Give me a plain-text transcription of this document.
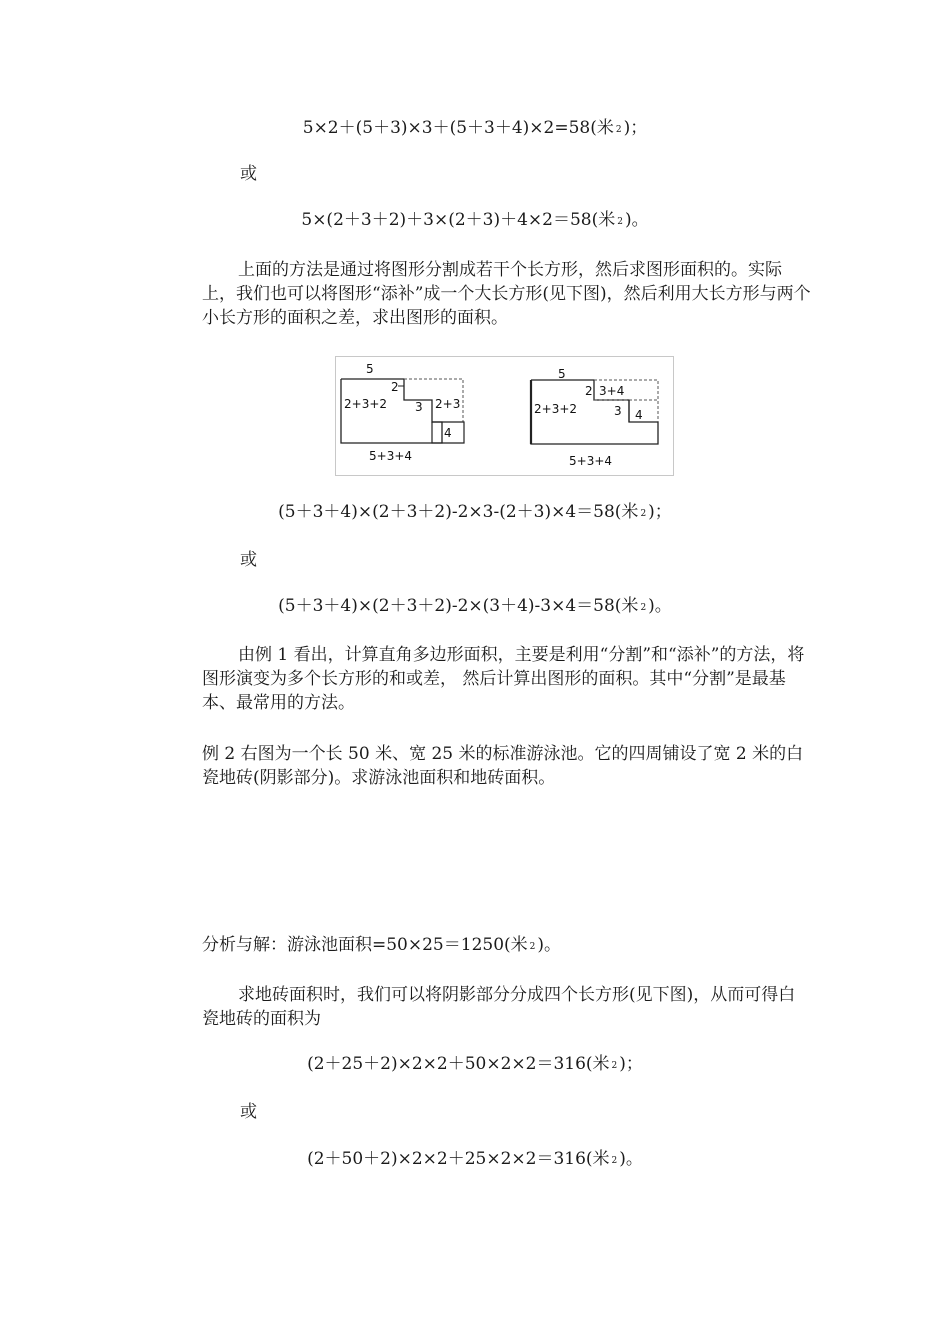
5×2＋(5＋3)×3＋(5＋3＋4)×2=58(米 2 )；
或
5×(2＋3＋2)＋3×(2＋3)＋4×2＝58(米 2 )。
上面的方法是通过将图形分割成若干个长方形，然后求图形面积的。实际上，我们也可以将图形“添补”成一个大长方形(见下图)，然后利用大长方形与两个小长方形的面积之差，求出图形的面积。
5
2+3+2
2
3 2+3
4
5+3+4
5
2+3+2
2 3+4
3 4
5+3+4
(5＋3＋4)×(2＋3＋2)-2×3-(2＋3)×4＝58(米 2 )；
或
(5＋3＋4)×(2＋3＋2)-2×(3＋4)-3×4＝58(米 2 )。
由例 1 看出，计算直角多边形面积，主要是利用“分割”和“添补”的方法，将图形演变为多个长方形的和或差， 然后计算出图形的面积。其中“分割”是最基本、最常用的方法。
例 2 右图为一个长 50 米、宽 25 米的标准游泳池。它的四周铺设了宽 2 米的白瓷地砖(阴影部分)。求游泳池面积和地砖面积。
分析与解：游泳池面积=50×25＝1250(米 2 )。
求地砖面积时，我们可以将阴影部分分成四个长方形(见下图)，从而可得白瓷地砖的面积为
(2＋25＋2)×2×2＋50×2×2＝316(米 2 )；
或
(2＋50＋2)×2×2＋25×2×2＝316(米 2 )。
